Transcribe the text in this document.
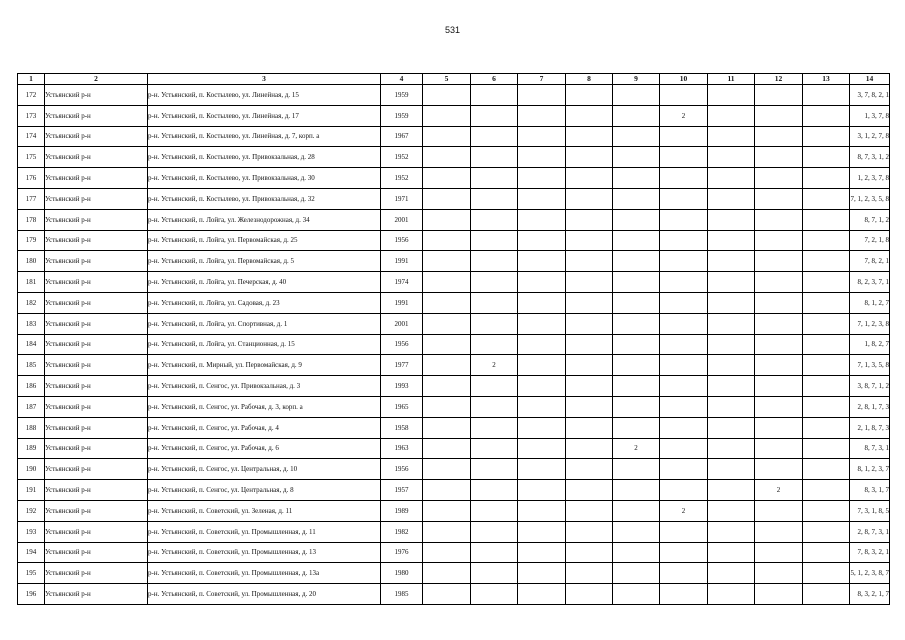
531
1	2	3	4	5	6	7	8	9	10	11	12	13	14
172	Устьянский р-н	р-н. Устьянский, п. Костылево, ул. Линейная, д. 15	1959										3, 7, 8, 2, 1
173	Устьянский р-н	р-н. Устьянский, п. Костылево, ул. Линейная, д. 17	1959						2				1, 3, 7, 8
174	Устьянский р-н	р-н. Устьянский, п. Костылево, ул. Линейная, д. 7, корп. а	1967										3, 1, 2, 7, 8
175	Устьянский р-н	р-н. Устьянский, п. Костылево, ул. Привокзальная, д. 28	1952										8, 7, 3, 1, 2
176	Устьянский р-н	р-н. Устьянский, п. Костылево, ул. Привокзальная, д. 30	1952										1, 2, 3, 7, 8
177	Устьянский р-н	р-н. Устьянский, п. Костылево, ул. Привокзальная, д. 32	1971										7, 1, 2, 3, 5, 8
178	Устьянский р-н	р-н. Устьянский, п. Лойга, ул. Железнодорожная, д. 34	2001										8, 7, 1, 2
179	Устьянский р-н	р-н. Устьянский, п. Лойга, ул. Первомайская, д. 25	1956										7, 2, 1, 8
180	Устьянский р-н	р-н. Устьянский, п. Лойга, ул. Первомайская, д. 5	1991										7, 8, 2, 1
181	Устьянский р-н	р-н. Устьянский, п. Лойга, ул. Печерская, д. 40	1974										8, 2, 3, 7, 1
182	Устьянский р-н	р-н. Устьянский, п. Лойга, ул. Садовая, д. 23	1991										8, 1, 2, 7
183	Устьянский р-н	р-н. Устьянский, п. Лойга, ул. Спортивная, д. 1	2001										7, 1, 2, 3, 8
184	Устьянский р-н	р-н. Устьянский, п. Лойга, ул. Станционная, д. 15	1956										1, 8, 2, 7
185	Устьянский р-н	р-н. Устьянский, п. Мирный, ул. Первомайская, д. 9	1977		2								7, 1, 3, 5, 8
186	Устьянский р-н	р-н. Устьянский, п. Сенгос, ул. Привокзальная, д. 3	1993										3, 8, 7, 1, 2
187	Устьянский р-н	р-н. Устьянский, п. Сенгос, ул. Рабочая, д. 3, корп. а	1965										2, 8, 1, 7, 3
188	Устьянский р-н	р-н. Устьянский, п. Сенгос, ул. Рабочая, д. 4	1958										2, 1, 8, 7, 3
189	Устьянский р-н	р-н. Устьянский, п. Сенгос, ул. Рабочая, д. 6	1963					2					8, 7, 3, 1
190	Устьянский р-н	р-н. Устьянский, п. Сенгос, ул. Центральная, д. 10	1956										8, 1, 2, 3, 7
191	Устьянский р-н	р-н. Устьянский, п. Сенгос, ул. Центральная, д. 8	1957								2		8, 3, 1, 7
192	Устьянский р-н	р-н. Устьянский, п. Советский, ул. Зеленая, д. 11	1989						2				7, 3, 1, 8, 5
193	Устьянский р-н	р-н. Устьянский, п. Советский, ул. Промышленная, д. 11	1982										2, 8, 7, 3, 1
194	Устьянский р-н	р-н. Устьянский, п. Советский, ул. Промышленная, д. 13	1976										7, 8, 3, 2, 1
195	Устьянский р-н	р-н. Устьянский, п. Советский, ул. Промышленная, д. 13а	1980										5, 1, 2, 3, 8, 7
196	Устьянский р-н	р-н. Устьянский, п. Советский, ул. Промышленная, д. 20	1985										8, 3, 2, 1, 7
